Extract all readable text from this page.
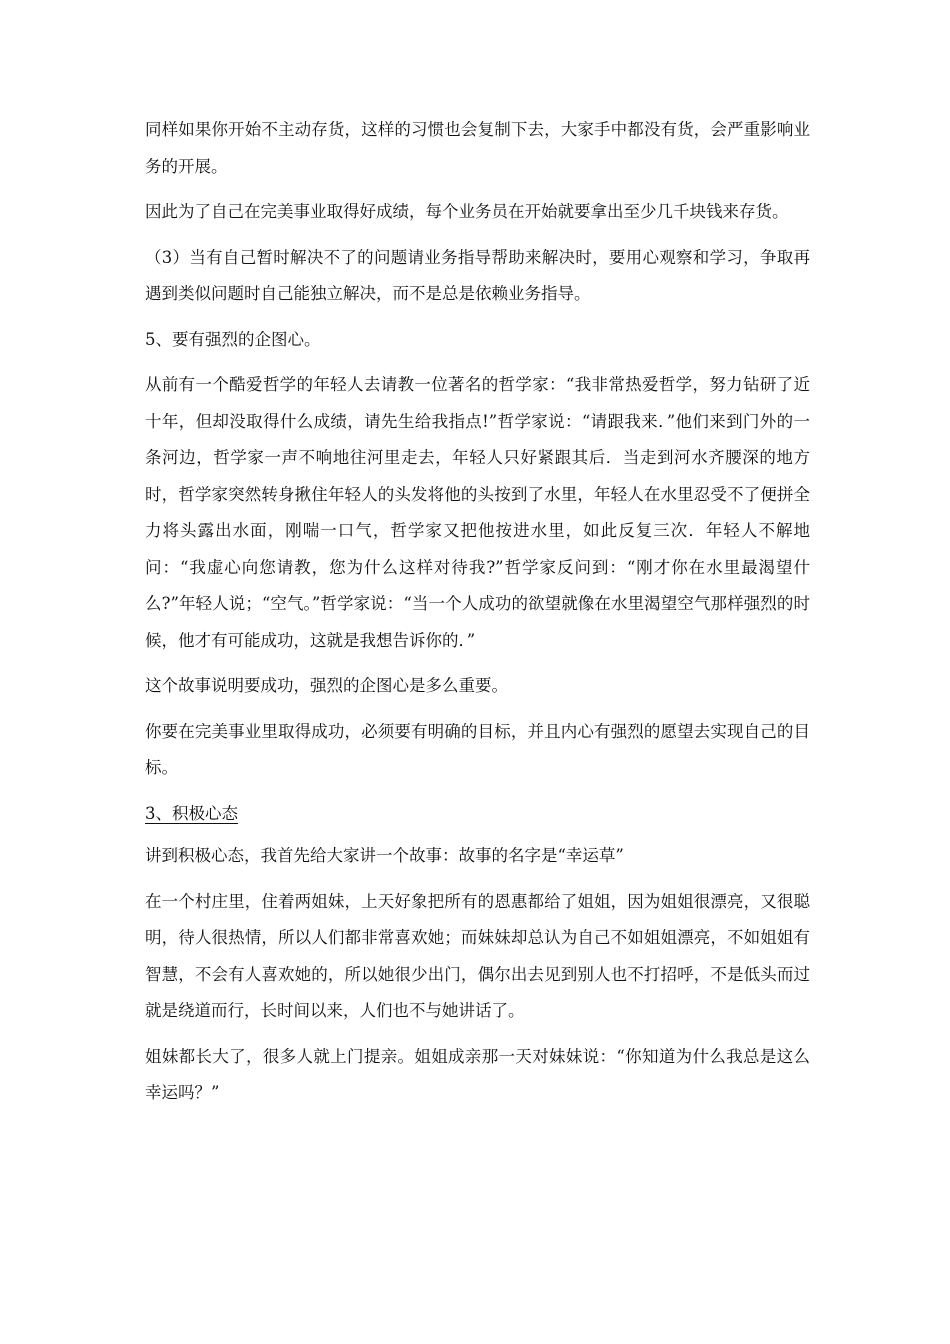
同样如果你开始不主动存货，这样的习惯也会复制下去，大家手中都没有货，会严重影响业务的开展。

因此为了自己在完美事业取得好成绩，每个业务员在开始就要拿出至少几千块钱来存货。

（3）当有自己暂时解决不了的问题请业务指导帮助来解决时，要用心观察和学习，争取再遇到类似问题时自己能独立解决，而不是总是依赖业务指导。

5、要有强烈的企图心。

从前有一个酷爱哲学的年轻人去请教一位著名的哲学家：“我非常热爱哲学，努力钻研了近十年，但却没取得什么成绩，请先生给我指点!”哲学家说：“请跟我来．”他们来到门外的一条河边，哲学家一声不响地往河里走去，年轻人只好紧跟其后．当走到河水齐腰深的地方时，哲学家突然转身揪住年轻人的头发将他的头按到了水里，年轻人在水里忍受不了便拼全力将头露出水面，刚喘一口气，哲学家又把他按进水里，如此反复三次．年轻人不解地问：“我虚心向您请教，您为什么这样对待我?”哲学家反问到：“刚才你在水里最渴望什么?”年轻人说；“空气。”哲学家说：“当一个人成功的欲望就像在水里渴望空气那样强烈的时候，他才有可能成功，这就是我想告诉你的．”

这个故事说明要成功，强烈的企图心是多么重要。

你要在完美事业里取得成功，必须要有明确的目标，并且内心有强烈的愿望去实现自己的目标。

3、积极心态

讲到积极心态，我首先给大家讲一个故事：故事的名字是“幸运草”

在一个村庄里，住着两姐妹，上天好象把所有的恩惠都给了姐姐，因为姐姐很漂亮，又很聪明，待人很热情，所以人们都非常喜欢她；而妹妹却总认为自己不如姐姐漂亮，不如姐姐有智慧，不会有人喜欢她的，所以她很少出门，偶尔出去见到别人也不打招呼，不是低头而过就是绕道而行，长时间以来，人们也不与她讲话了。

姐妹都长大了，很多人就上门提亲。姐姐成亲那一天对妹妹说：“你知道为什么我总是这么幸运吗？”
